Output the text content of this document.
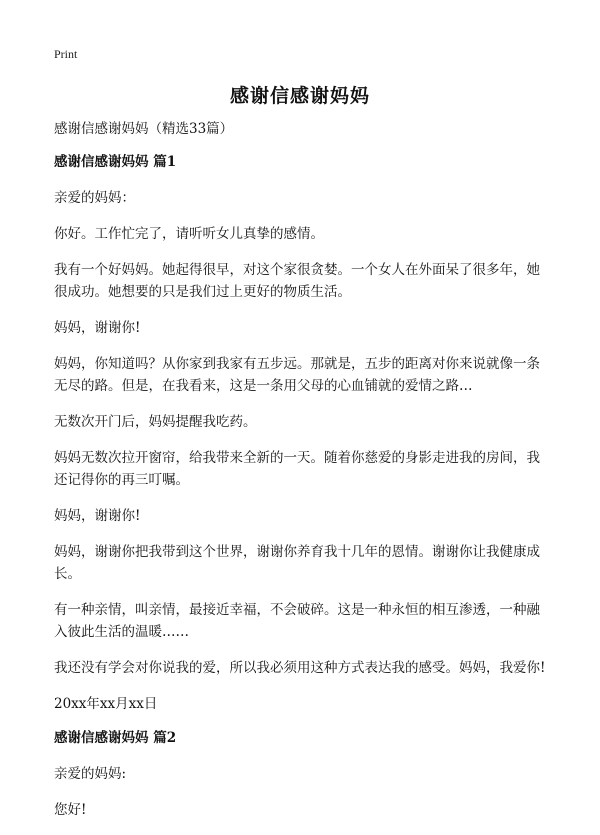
Print
感谢信感谢妈妈

感谢信感谢妈妈（精选33篇）

感谢信感谢妈妈 篇1

亲爱的妈妈：

你好。工作忙完了，请听听女儿真挚的感情。

我有一个好妈妈。她起得很早，对这个家很贪婪。一个女人在外面呆了很多年，她很成功。她想要的只是我们过上更好的物质生活。

妈妈，谢谢你!

妈妈，你知道吗？从你家到我家有五步远。那就是，五步的距离对你来说就像一条无尽的路。但是，在我看来，这是一条用父母的心血铺就的爱情之路…

无数次开门后，妈妈提醒我吃药。

妈妈无数次拉开窗帘，给我带来全新的一天。随着你慈爱的身影走进我的房间，我还记得你的再三叮嘱。

妈妈，谢谢你!

妈妈，谢谢你把我带到这个世界，谢谢你养育我十几年的恩情。谢谢你让我健康成长。

有一种亲情，叫亲情，最接近幸福，不会破碎。这是一种永恒的相互渗透，一种融入彼此生活的温暖……

我还没有学会对你说我的爱，所以我必须用这种方式表达我的感受。妈妈，我爱你!

20xx年xx月xx日

感谢信感谢妈妈 篇2

亲爱的妈妈:

您好!
